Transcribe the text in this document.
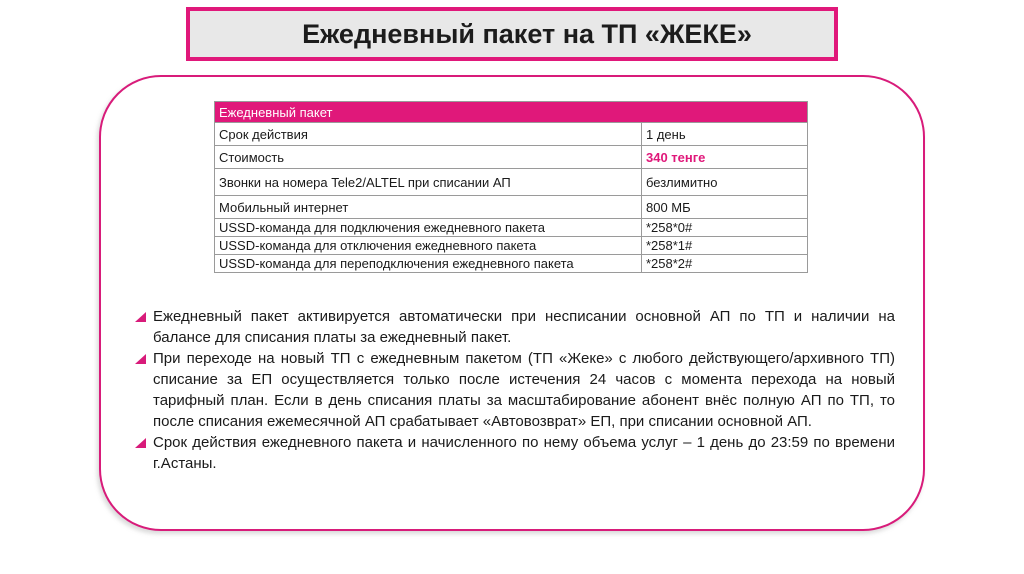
Ежедневный пакет на ТП «ЖЕКЕ»
Ежедневный пакет	
Срок действия	1 день
Стоимость	340 тенге
Звонки на номера Tele2/ALTEL при списании АП	безлимитно
Мобильный интернет	800 МБ
USSD-команда для подключения ежедневного пакета	*258*0#
USSD-команда для отключения ежедневного пакета	*258*1#
USSD-команда для переподключения ежедневного пакета	*258*2#
Ежедневный пакет активируется автоматически при несписании основной АП по ТП и наличии на балансе для списания платы за ежедневный пакет.
При переходе на новый ТП с ежедневным пакетом (ТП «Жеке» с любого действующего/архивного ТП) списание за ЕП осуществляется только после истечения 24 часов с момента перехода на новый тарифный план. Если в день списания платы за масштабирование абонент внёс полную АП по ТП, то после списания ежемесячной АП срабатывает «Автовозврат» ЕП, при списании основной АП.
Срок действия ежедневного пакета и начисленного по нему объема услуг – 1 день до 23:59 по времени г.Астаны.
